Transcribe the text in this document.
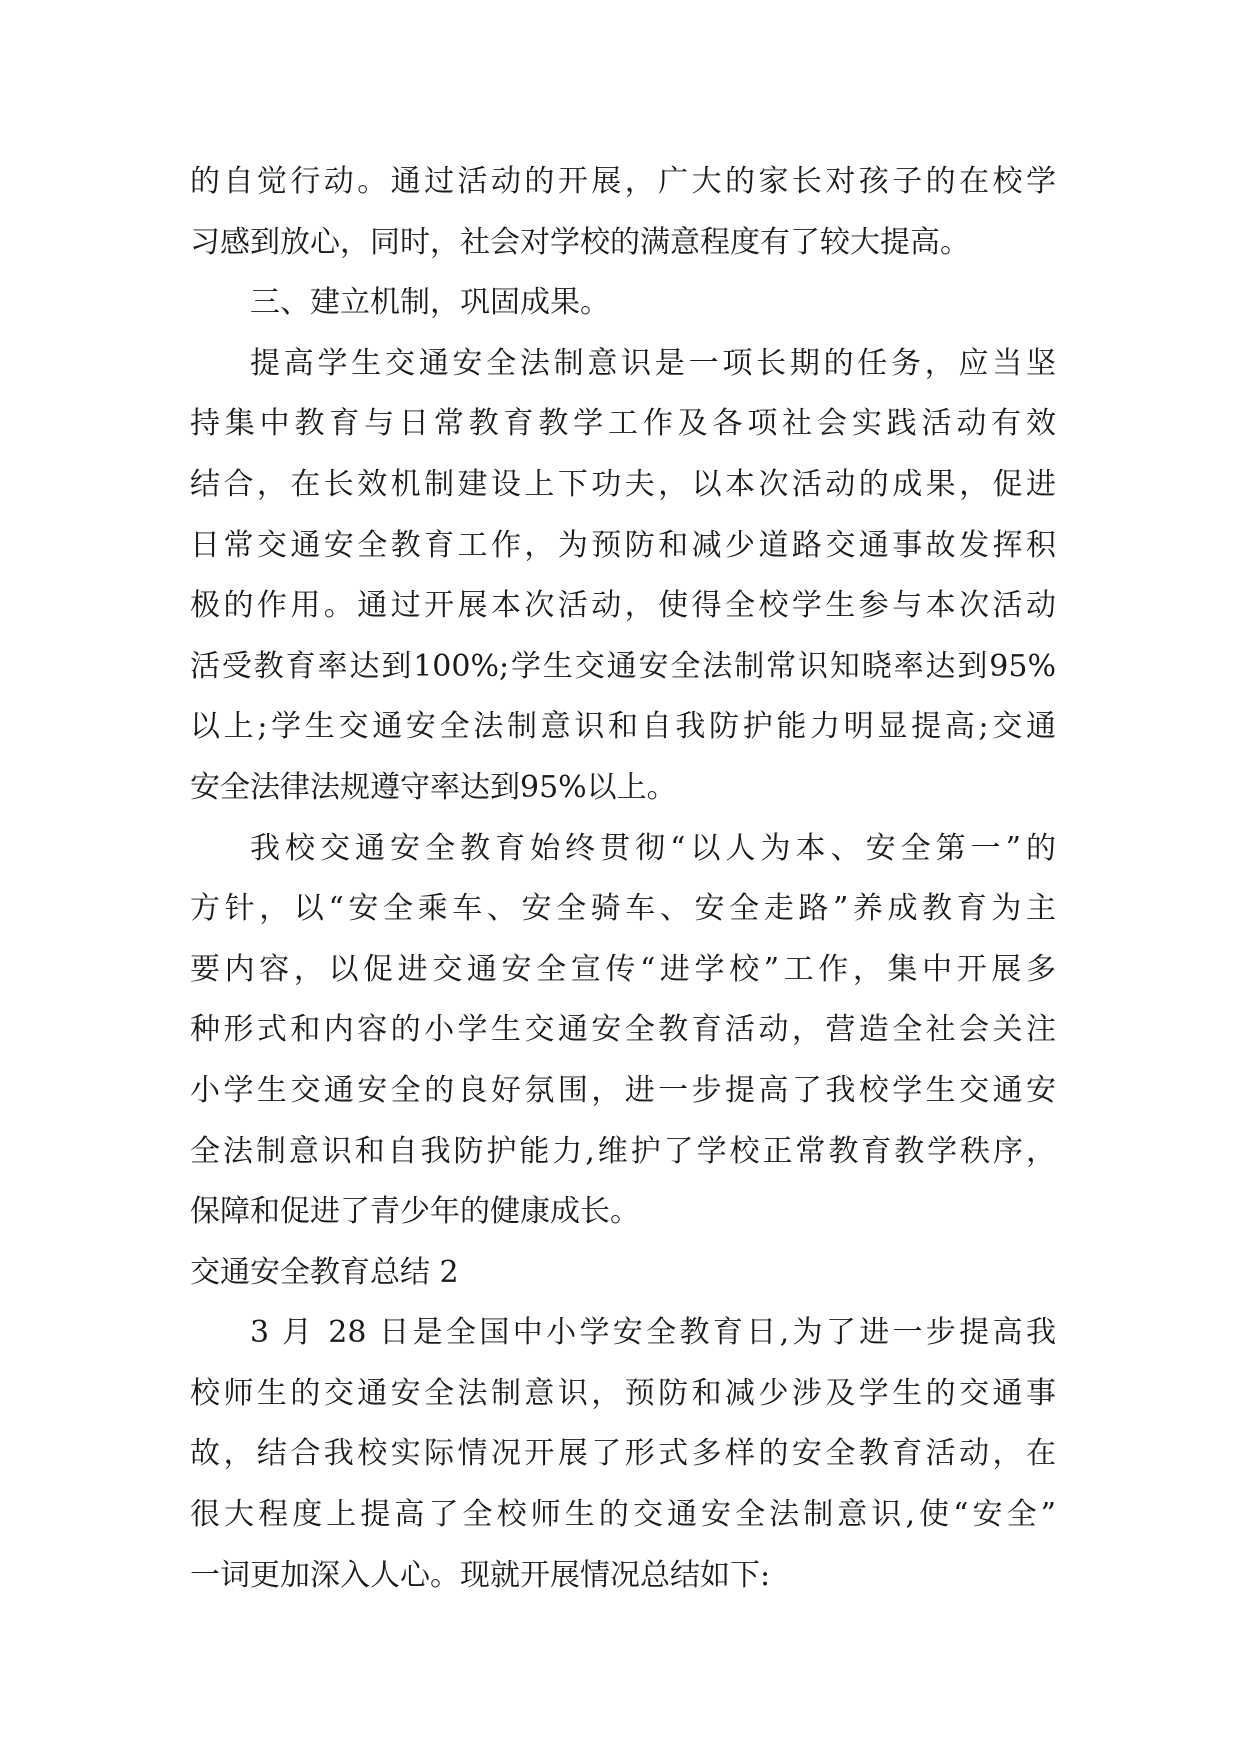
的自觉行动。通过活动的开展，广大的家长对孩子的在校学
习感到放心，同时，社会对学校的满意程度有了较大提高。
三、建立机制，巩固成果。
提高学生交通安全法制意识是一项长期的任务，应当坚
持集中教育与日常教育教学工作及各项社会实践活动有效
结合，在长效机制建设上下功夫，以本次活动的成果，促进
日常交通安全教育工作，为预防和减少道路交通事故发挥积
极的作用。通过开展本次活动，使得全校学生参与本次活动
活受教育率达到100%;学生交通安全法制常识知晓率达到95%
以上;学生交通安全法制意识和自我防护能力明显提高;交通
安全法律法规遵守率达到95%以上。
我校交通安全教育始终贯彻“以人为本、安全第一”的
方针，以“安全乘车、安全骑车、安全走路”养成教育为主
要内容，以促进交通安全宣传“进学校”工作，集中开展多
种形式和内容的小学生交通安全教育活动，营造全社会关注
小学生交通安全的良好氛围，进一步提高了我校学生交通安
全法制意识和自我防护能力,维护了学校正常教育教学秩序，
保障和促进了青少年的健康成长。
交通安全教育总结 2
3 月 28 日是全国中小学安全教育日,为了进一步提高我
校师生的交通安全法制意识，预防和减少涉及学生的交通事
故，结合我校实际情况开展了形式多样的安全教育活动，在
很大程度上提高了全校师生的交通安全法制意识,使“安全”
一词更加深入人心。现就开展情况总结如下:
